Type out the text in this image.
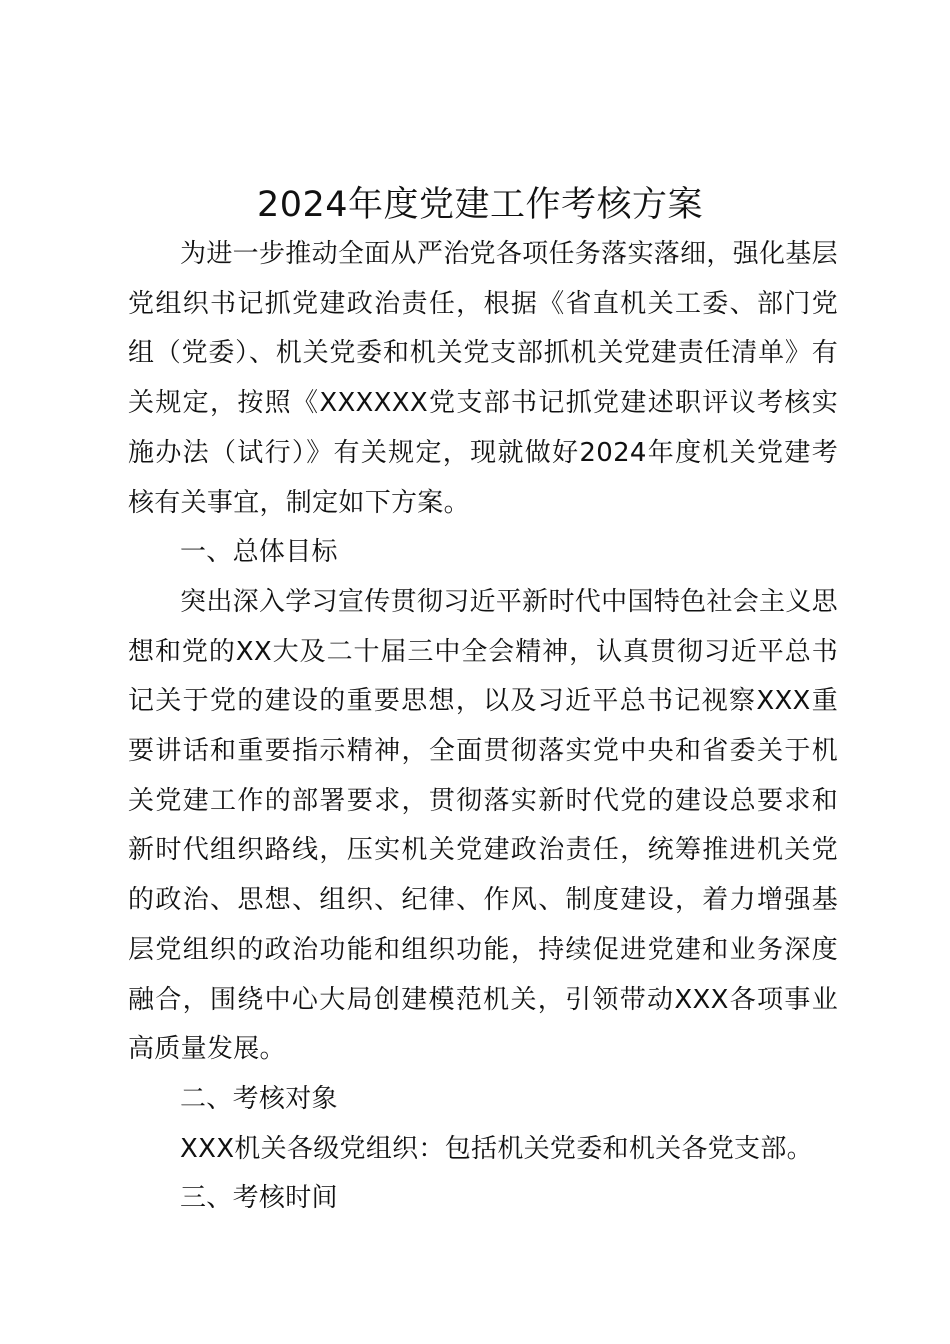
2024年度党建工作考核方案

为进一步推动全面从严治党各项任务落实落细，强化基层党组织书记抓党建政治责任，根据《省直机关工委、部门党组（党委）、机关党委和机关党支部抓机关党建责任清单》有关规定，按照《XXXXXX党支部书记抓党建述职评议考核实施办法（试行）》有关规定，现就做好2024年度机关党建考核有关事宜，制定如下方案。

一、总体目标

突出深入学习宣传贯彻习近平新时代中国特色社会主义思想和党的XX大及二十届三中全会精神，认真贯彻习近平总书记关于党的建设的重要思想，以及习近平总书记视察XXX重要讲话和重要指示精神，全面贯彻落实党中央和省委关于机关党建工作的部署要求，贯彻落实新时代党的建设总要求和新时代组织路线，压实机关党建政治责任，统筹推进机关党的政治、思想、组织、纪律、作风、制度建设，着力增强基层党组织的政治功能和组织功能，持续促进党建和业务深度融合，围绕中心大局创建模范机关，引领带动XXX各项事业高质量发展。

二、考核对象

XXX机关各级党组织：包括机关党委和机关各党支部。

三、考核时间
